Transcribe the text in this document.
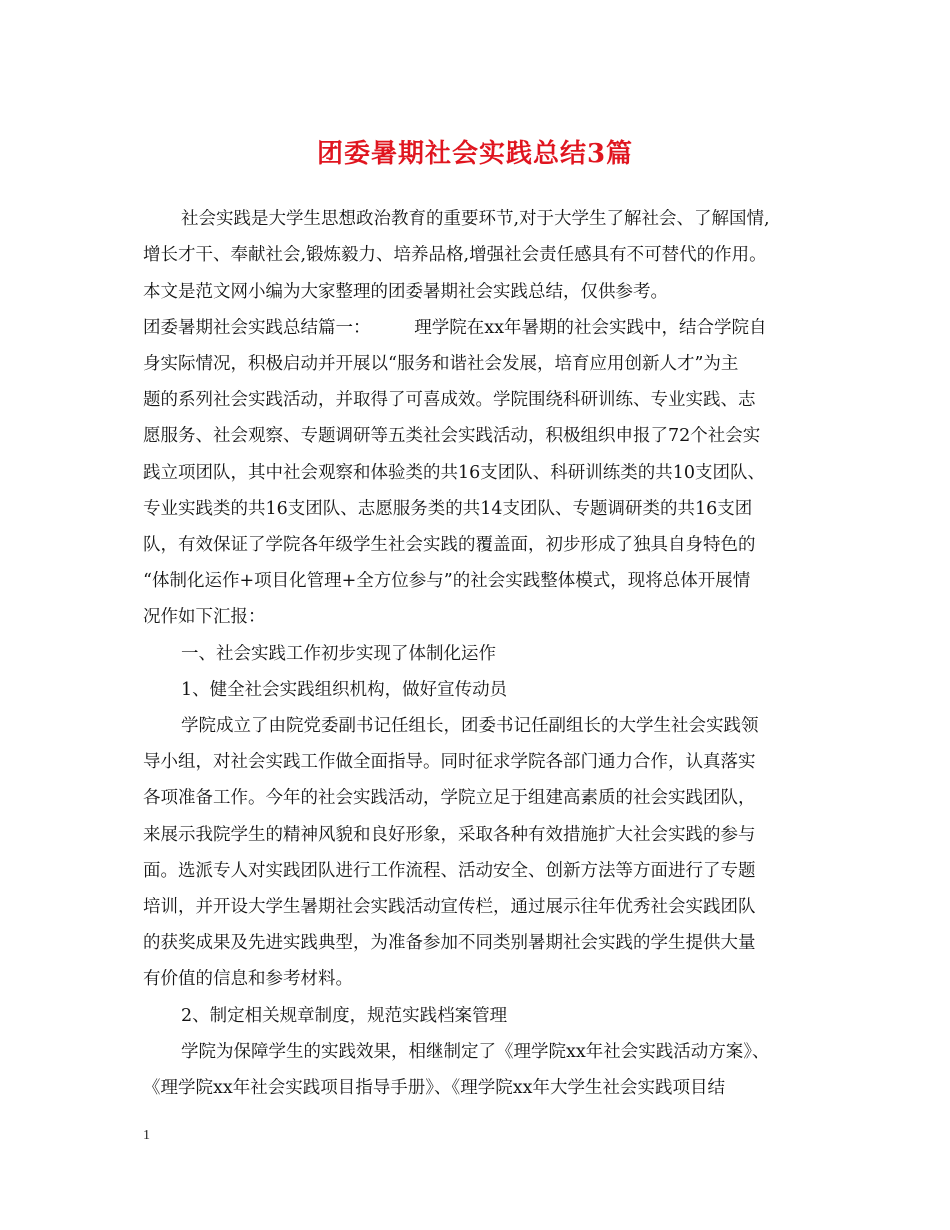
团委暑期社会实践总结3篇
社会实践是大学生思想政治教育的重要环节,对于大学生了解社会、了解国情,
增长才干、奉献社会,锻炼毅力、培养品格,增强社会责任感具有不可替代的作用。
本文是范文网小编为大家整理的团委暑期社会实践总结，仅供参考。
团委暑期社会实践总结篇一：　　　理学院在xx年暑期的社会实践中，结合学院自
身实际情况，积极启动并开展以“服务和谐社会发展，培育应用创新人才”为主
题的系列社会实践活动，并取得了可喜成效。学院围绕科研训练、专业实践、志
愿服务、社会观察、专题调研等五类社会实践活动，积极组织申报了72个社会实
践立项团队，其中社会观察和体验类的共16支团队、科研训练类的共10支团队、
专业实践类的共16支团队、志愿服务类的共14支团队、专题调研类的共16支团
队，有效保证了学院各年级学生社会实践的覆盖面，初步形成了独具自身特色的
“体制化运作+项目化管理+全方位参与”的社会实践整体模式，现将总体开展情
况作如下汇报：
一、社会实践工作初步实现了体制化运作
1、健全社会实践组织机构，做好宣传动员
学院成立了由院党委副书记任组长，团委书记任副组长的大学生社会实践领
导小组，对社会实践工作做全面指导。同时征求学院各部门通力合作，认真落实
各项准备工作。今年的社会实践活动，学院立足于组建高素质的社会实践团队，
来展示我院学生的精神风貌和良好形象，采取各种有效措施扩大社会实践的参与
面。选派专人对实践团队进行工作流程、活动安全、创新方法等方面进行了专题
培训，并开设大学生暑期社会实践活动宣传栏，通过展示往年优秀社会实践团队
的获奖成果及先进实践典型，为准备参加不同类别暑期社会实践的学生提供大量
有价值的信息和参考材料。
2、制定相关规章制度，规范实践档案管理
学院为保障学生的实践效果，相继制定了《理学院xx年社会实践活动方案》、
《理学院xx年社会实践项目指导手册》、《理学院xx年大学生社会实践项目结
1
